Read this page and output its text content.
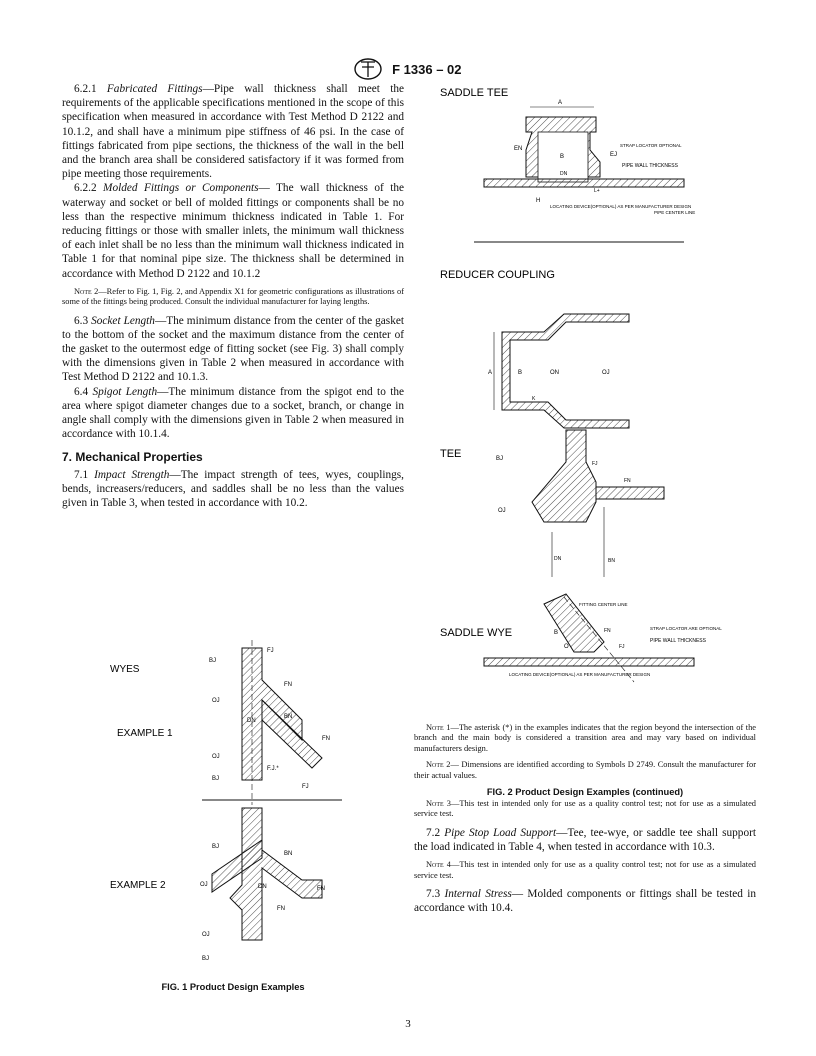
F 1336 – 02

6.2.1 Fabricated Fittings—Pipe wall thickness shall meet the requirements of the applicable specifications mentioned in the scope of this specification when measured in accordance with Test Method D 2122 and 10.1.2, and shall have a minimum pipe stiffness of 46 psi. In the case of fittings fabricated from pipe sections, the thickness of the wall in the bell and the branch area shall be considered satisfactory if it was formed from pipe meeting those requirements.

6.2.2 Molded Fittings or Components— The wall thickness of the waterway and socket or bell of molded fittings or components shall be no less than the respective minimum thickness indicated in Table 1. For reducing fittings or those with smaller inlets, the minimum wall thickness of each inlet shall be no less than the minimum wall thickness indicated in Table 1 for that nominal pipe size. The thickness shall be determined in accordance with Method D 2122 and 10.1.2

Note 2—Refer to Fig. 1, Fig. 2, and Appendix X1 for geometric configurations as illustrations of some of the fittings being produced. Consult the individual manufacturer for laying lengths.

6.3 Socket Length—The minimum distance from the center of the gasket to the bottom of the socket and the maximum distance from the center of the gasket to the outermost edge of fitting socket (see Fig. 3) shall comply with the dimensions given in Table 2 when measured in accordance with Test Method D 2122 and 10.1.3.

6.4 Spigot Length—The minimum distance from the spigot end to the area where spigot diameter changes due to a socket, branch, or change in angle shall comply with the dimensions given in Table 2 when measured in accordance with 10.1.4.

7. Mechanical Properties

7.1 Impact Strength—The impact strength of tees, wyes, couplings, bends, increasers/reducers, and saddles shall be no less than the values given in Table 3, when tested in accordance with 10.2.

WYES
EXAMPLE 1
EXAMPLE 2
BJ
FJ
FN
OJ
BN
DN
FN
OJ
F.J.*
BJ
FJ
BJ
BN
OJ	DN	FN
FN
OJ
BJ
FIG. 1 Product Design Examples
SADDLE TEE
A
EN
B	EJ
DN
H
L+
STRAP LOCATOR OPTIONAL
PIPE WALL THICKNESS
LOCATING DEVICE(OPTIONAL) AS PER MANUFACTURER DESIGN
PIPE CENTER LINE
REDUCER COUPLING
A	B	ON	OJ
K
TEE	BJ
FJ
FN
OJ
DN	BN
FITTING CENTER LINE
SADDLE WYE	B
O
FN
FJ
STRAP LOCATOR ARE OPTIONAL
PIPE WALL THICKNESS
LOCATING DEVICE(OPTIONAL) AS PER MANUFACTURER DESIGN

Note 1—The asterisk (*) in the examples indicates that the region beyond the intersection of the branch and the main body is considered a transition area and may vary based on individual manufacturers design.

Note 2— Dimensions are identified according to Symbols D 2749. Consult the manufacturer for their actual values.

FIG. 2 Product Design Examples (continued)

Note 3—This test in intended only for use as a quality control test; not for use as a simulated service test.

7.2 Pipe Stop Load Support—Tee, tee-wye, or saddle tee shall support the load indicated in Table 4, when tested in accordance with 10.3.

Note 4—This test in intended only for use as a quality control test; not for use as a simulated service test.

7.3 Internal Stress— Molded components or fittings shall be tested in accordance with 10.4.

3
